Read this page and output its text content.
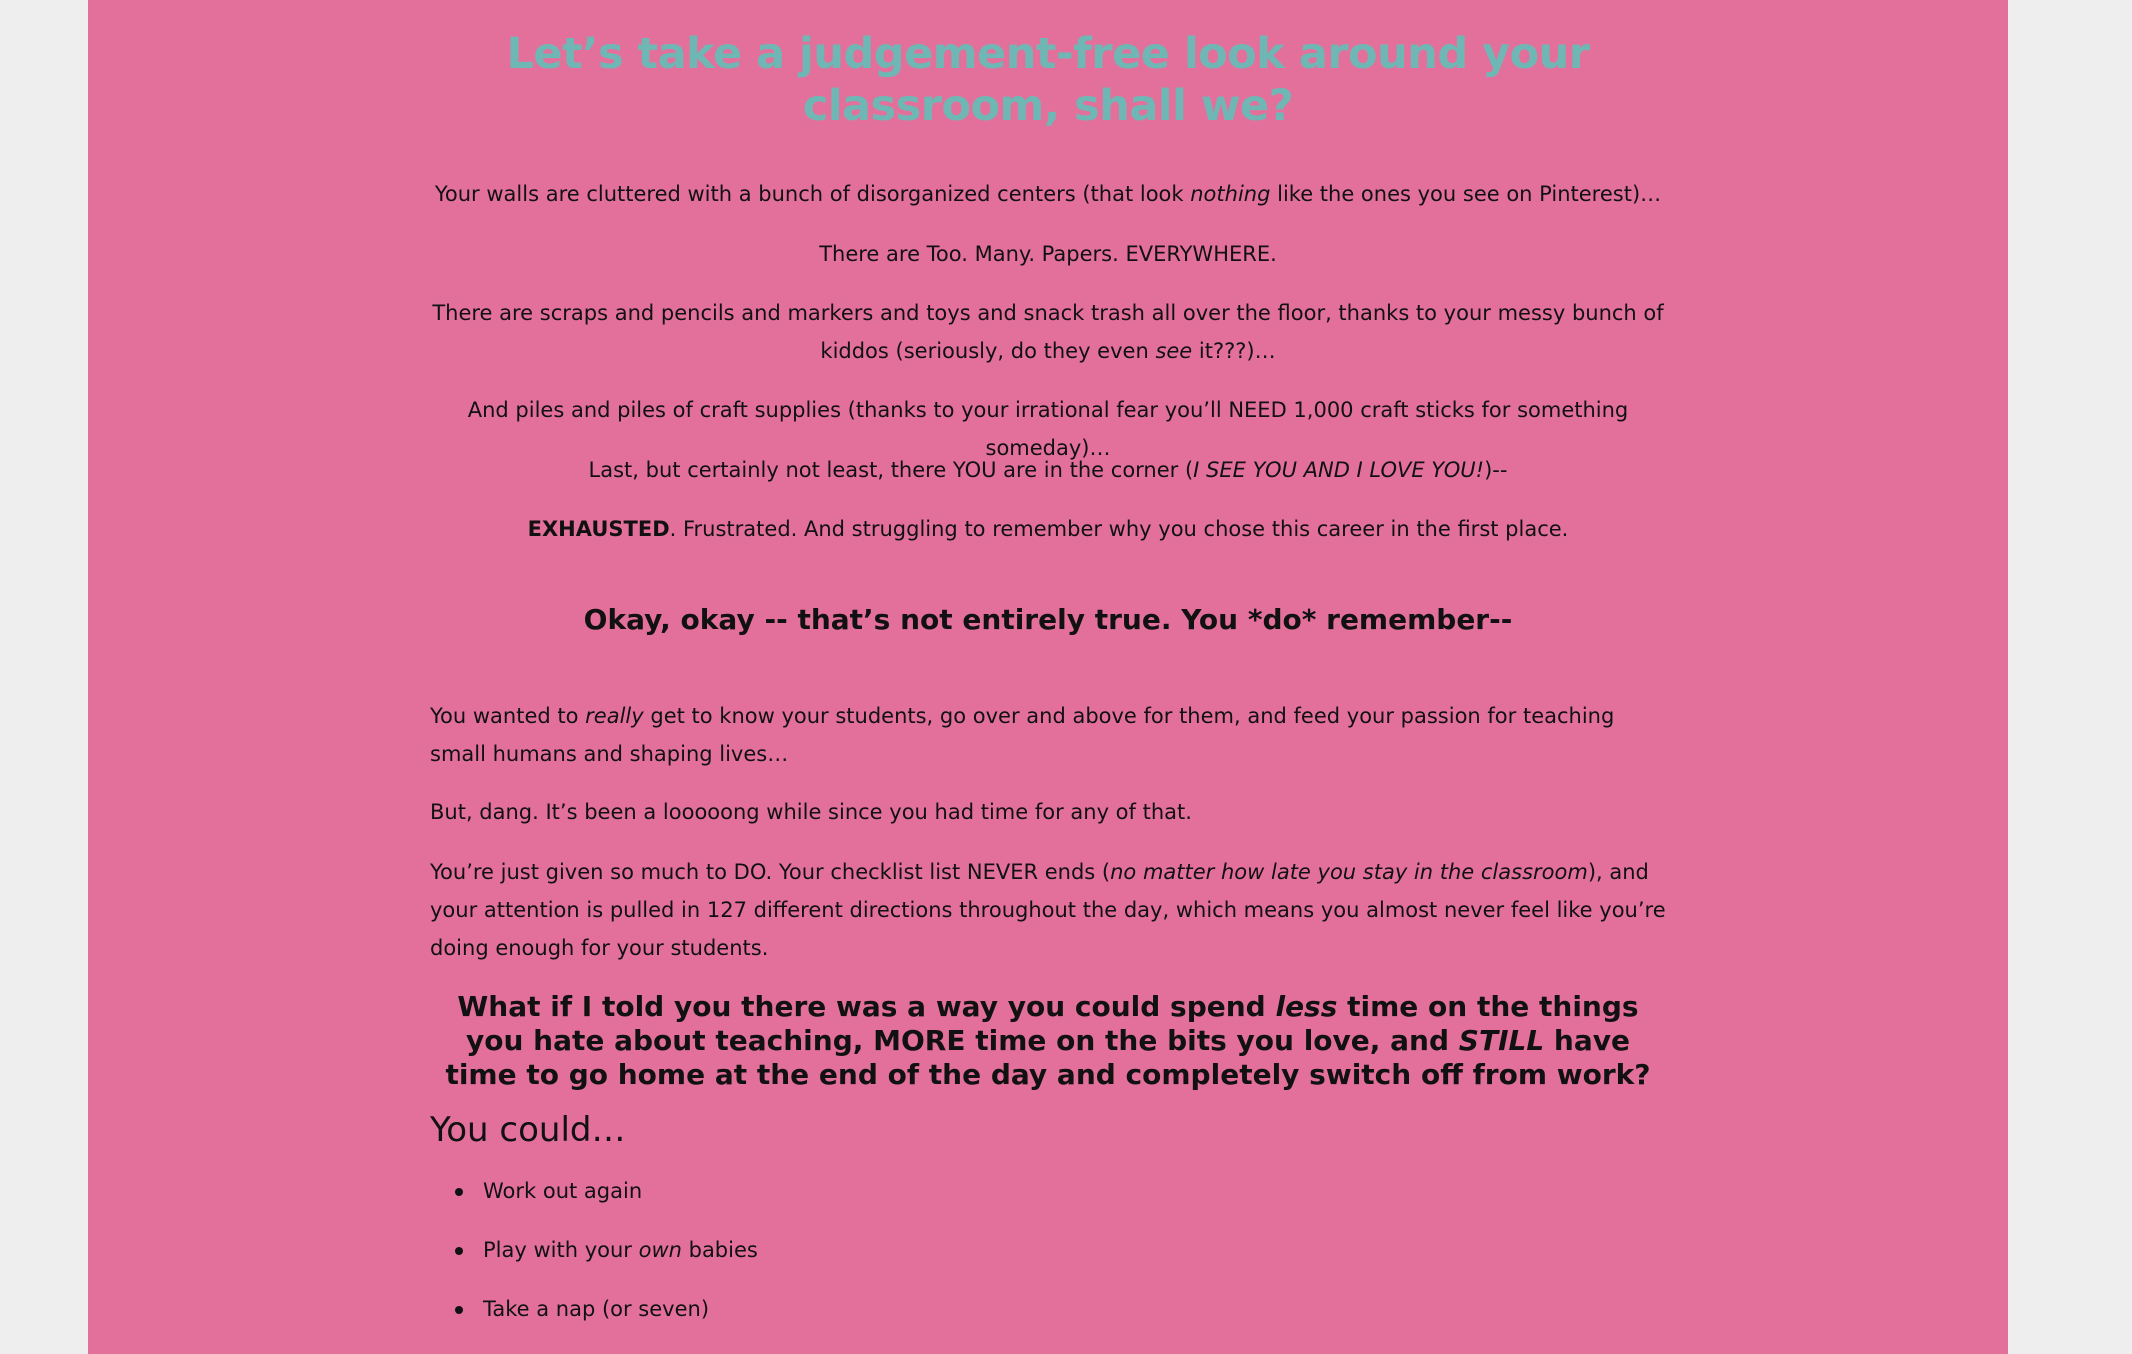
Let’s take a judgement-free look around your classroom, shall we?

Your walls are cluttered with a bunch of disorganized centers (that look nothing like the ones you see on Pinterest)…

There are Too. Many. Papers. EVERYWHERE.

There are scraps and pencils and markers and toys and snack trash all over the floor, thanks to your messy bunch of kiddos (seriously, do they even see it???)…

And piles and piles of craft supplies (thanks to your irrational fear you’ll NEED 1,000 craft sticks for something someday)…

Last, but certainly not least, there YOU are in the corner (I SEE YOU AND I LOVE YOU!)--

EXHAUSTED. Frustrated. And struggling to remember why you chose this career in the first place.

Okay, okay -- that’s not entirely true. You *do* remember--

You wanted to really get to know your students, go over and above for them, and feed your passion for teaching small humans and shaping lives…

But, dang. It’s been a looooong while since you had time for any of that.

You’re just given so much to DO. Your checklist list NEVER ends (no matter how late you stay in the classroom), and your attention is pulled in 127 different directions throughout the day, which means you almost never feel like you’re doing enough for your students.

What if I told you there was a way you could spend less time on the things you hate about teaching, MORE time on the bits you love, and STILL have time to go home at the end of the day and completely switch off from work?
You could…
Work out again
Play with your own babies
Take a nap (or seven)
